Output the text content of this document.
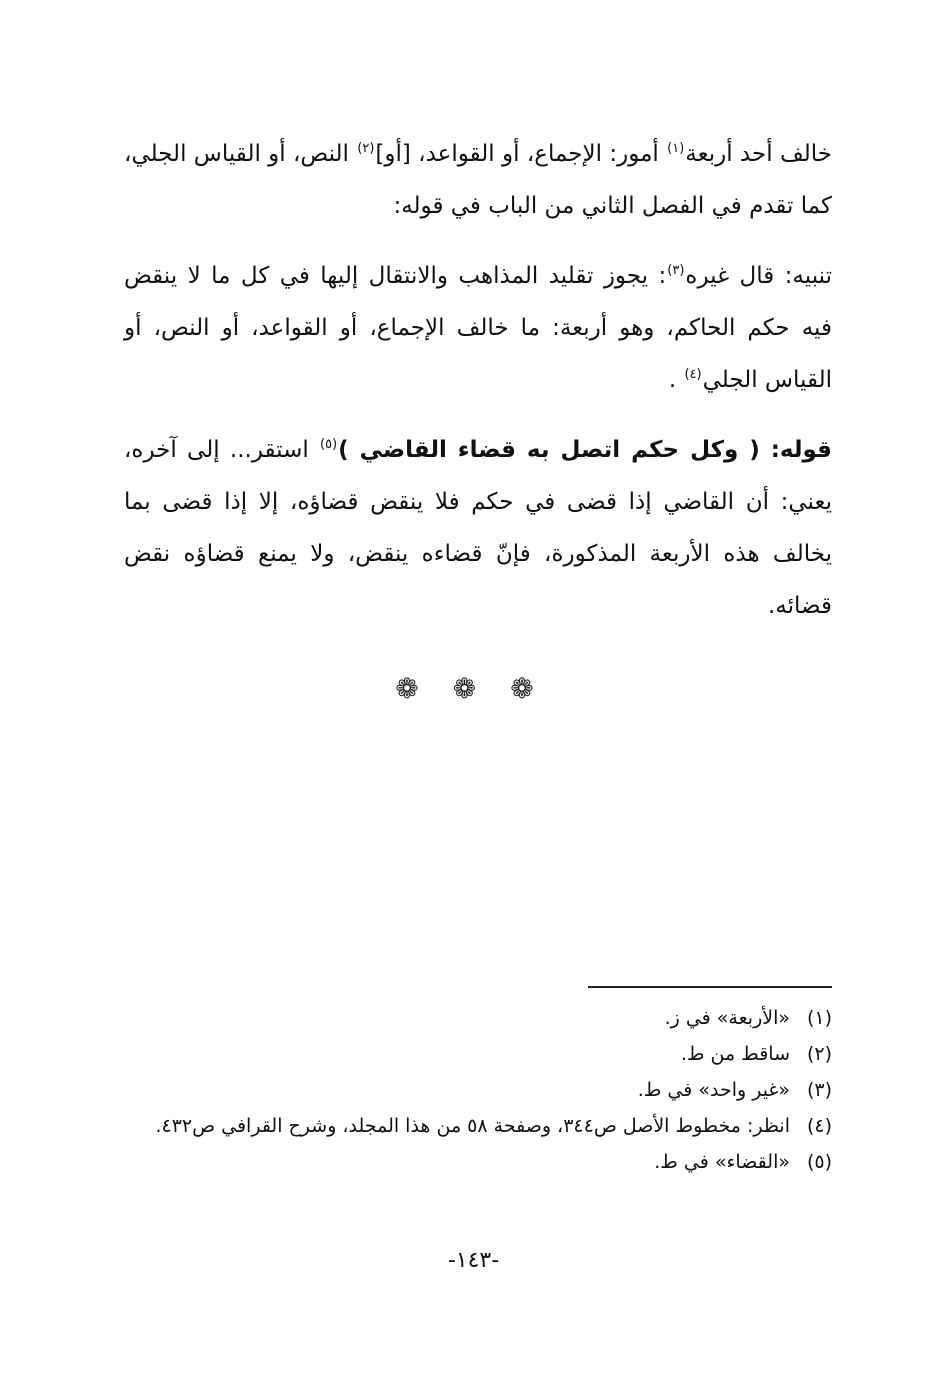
خالف أحد أربعة$^{(١)}$ أمور: الإجماع، أو القواعد، [أو]$^{(٢)}$ النص، أو القياس الجلي، كما تقدم في الفصل الثاني من الباب في قوله:

تنبيه: قال غيره$^{(٣)}$: يجوز تقليد المذاهب والانتقال إليها في كل ما لا ينقض فيه حكم الحاكم، وهو أربعة: ما خالف الإجماع، أو القواعد، أو النص، أو القياس الجلي$^{(٤)}$ .

قوله: ( وكل حكم اتصل به قضاء القاضي )$^{(٥)}$ استقر... إلى آخره، يعني: أن القاضي إذا قضى في حكم فلا ينقض قضاؤه، إلا إذا قضى بما يخالف هذه الأربعة المذكورة، فإنّ قضاءه ينقض، ولا يمنع قضاؤه نقض قضائه.

❁ ❁ ❁

(١)
«الأربعة» في ز.

(٢)
ساقط من ط.

(٣)
«غير واحد» في ط.

(٤)
انظر: مخطوط الأصل ص٣٤٤، وصفحة ٥٨ من هذا المجلد، وشرح القرافي ص٤٣٢.

(٥)
«القضاء» في ط.

-١٤٣-
